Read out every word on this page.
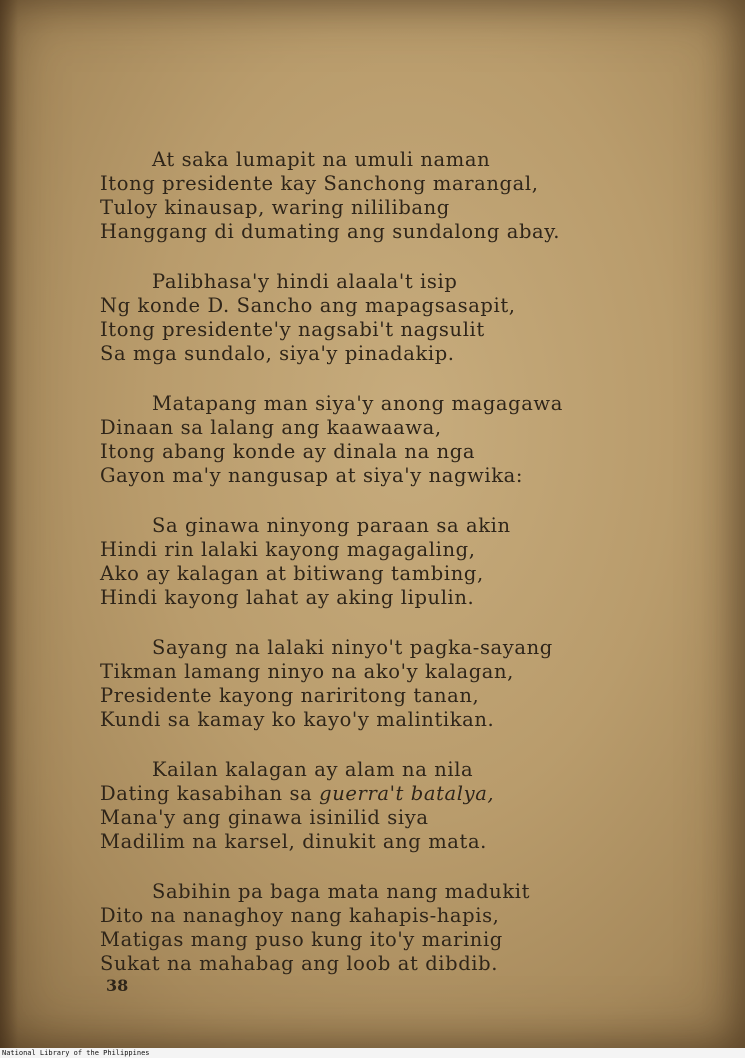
At saka lumapit na umuli naman
Itong presidente kay Sanchong marangal,
Tuloy kinausap, waring nililibang
Hanggang di dumating ang sundalong abay.
Palibhasa'y hindi alaala't isip
Ng konde D. Sancho ang mapagsasapit,
Itong presidente'y nagsabi't nagsulit
Sa mga sundalo, siya'y pinadakip.
Matapang man siya'y anong magagawa
Dinaan sa lalang ang kaawaawa,
Itong abang konde ay dinala na nga
Gayon ma'y nangusap at siya'y nagwika:
Sa ginawa ninyong paraan sa akin
Hindi rin lalaki kayong magagaling,
Ako ay kalagan at bitiwang tambing,
Hindi kayong lahat ay aking lipulin.
Sayang na lalaki ninyo't pagka-sayang
Tikman lamang ninyo na ako'y kalagan,
Presidente kayong nariritong tanan,
Kundi sa kamay ko kayo'y malintikan.
Kailan kalagan ay alam na nila
Dating kasabihan sa guerra't batalya,
Mana'y ang ginawa isinilid siya
Madilim na karsel, dinukit ang mata.
Sabihin pa baga mata nang madukit
Dito na nanaghoy nang kahapis-hapis,
Matigas mang puso kung ito'y marinig
Sukat na mahabag ang loob at dibdib.
38
National Library of the Philippines
